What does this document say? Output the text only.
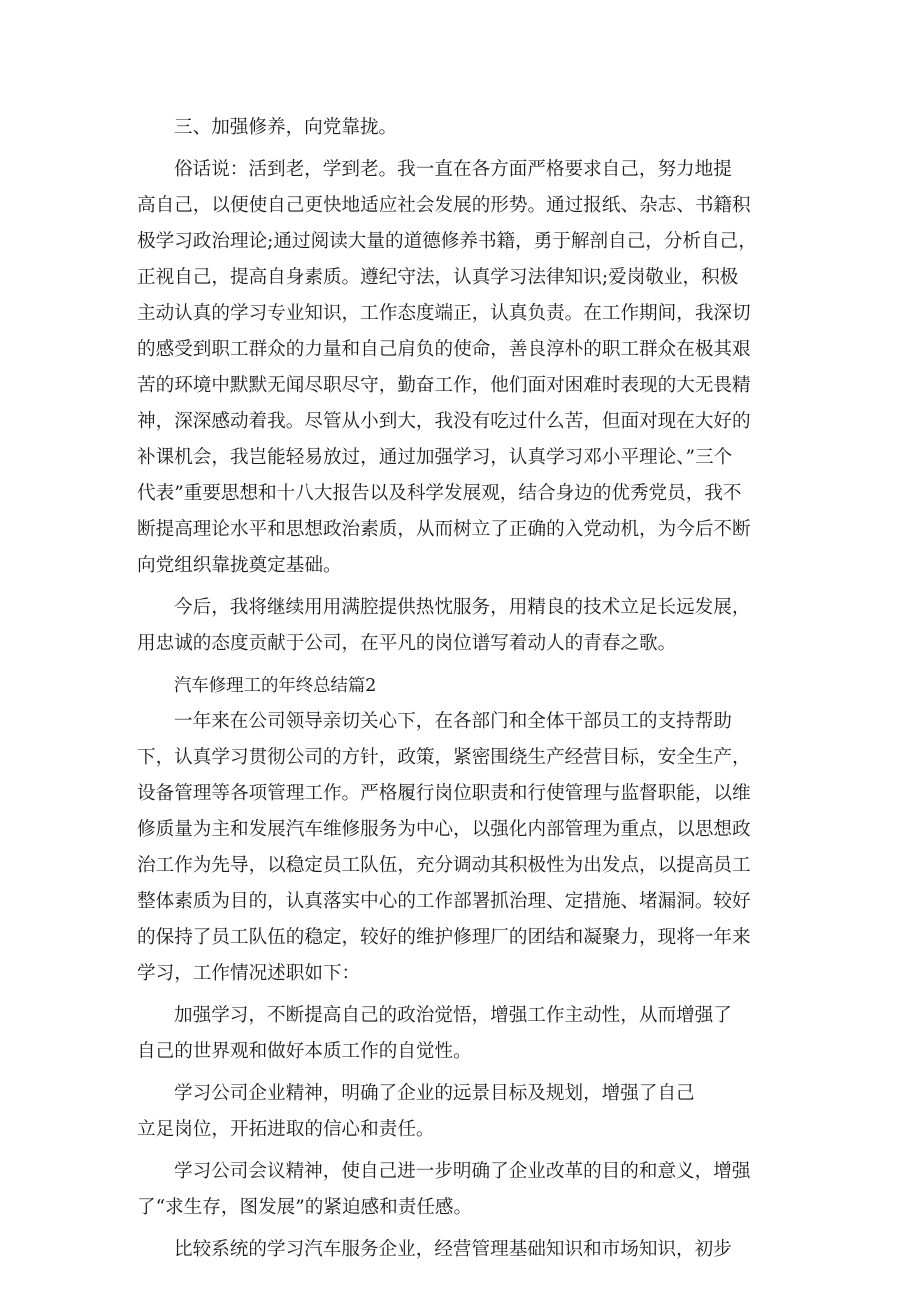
三、加强修养，向党靠拢。
俗话说：活到老，学到老。我一直在各方面严格要求自己，努力地提
高自己，以便使自己更快地适应社会发展的形势。通过报纸、杂志、书籍积
极学习政治理论;通过阅读大量的道德修养书籍，勇于解剖自己，分析自己，
正视自己，提高自身素质。遵纪守法，认真学习法律知识;爱岗敬业，积极
主动认真的学习专业知识，工作态度端正，认真负责。在工作期间，我深切
的感受到职工群众的力量和自己肩负的使命，善良淳朴的职工群众在极其艰
苦的环境中默默无闻尽职尽守，勤奋工作，他们面对困难时表现的大无畏精
神，深深感动着我。尽管从小到大，我没有吃过什么苦，但面对现在大好的
补课机会，我岂能轻易放过，通过加强学习，认真学习邓小平理论、”三个
代表”重要思想和十八大报告以及科学发展观，结合身边的优秀党员，我不
断提高理论水平和思想政治素质，从而树立了正确的入党动机，为今后不断
向党组织靠拢奠定基础。
今后，我将继续用用满腔提供热忱服务，用精良的技术立足长远发展，
用忠诚的态度贡献于公司，在平凡的岗位谱写着动人的青春之歌。
汽车修理工的年终总结篇2
一年来在公司领导亲切关心下，在各部门和全体干部员工的支持帮助
下，认真学习贯彻公司的方针，政策，紧密围绕生产经营目标，安全生产，
设备管理等各项管理工作。严格履行岗位职责和行使管理与监督职能，以维
修质量为主和发展汽车维修服务为中心，以强化内部管理为重点，以思想政
治工作为先导，以稳定员工队伍，充分调动其积极性为出发点，以提高员工
整体素质为目的，认真落实中心的工作部署抓治理、定措施、堵漏洞。较好
的保持了员工队伍的稳定，较好的维护修理厂的团结和凝聚力，现将一年来
学习，工作情况述职如下：
加强学习，不断提高自己的政治觉悟，增强工作主动性，从而增强了
自己的世界观和做好本质工作的自觉性。
学习公司企业精神，明确了企业的远景目标及规划，增强了自己
立足岗位，开拓进取的信心和责任。
学习公司会议精神，使自己进一步明确了企业改革的目的和意义，增强
了“求生存，图发展”的紧迫感和责任感。
比较系统的学习汽车服务企业，经营管理基础知识和市场知识，初步
